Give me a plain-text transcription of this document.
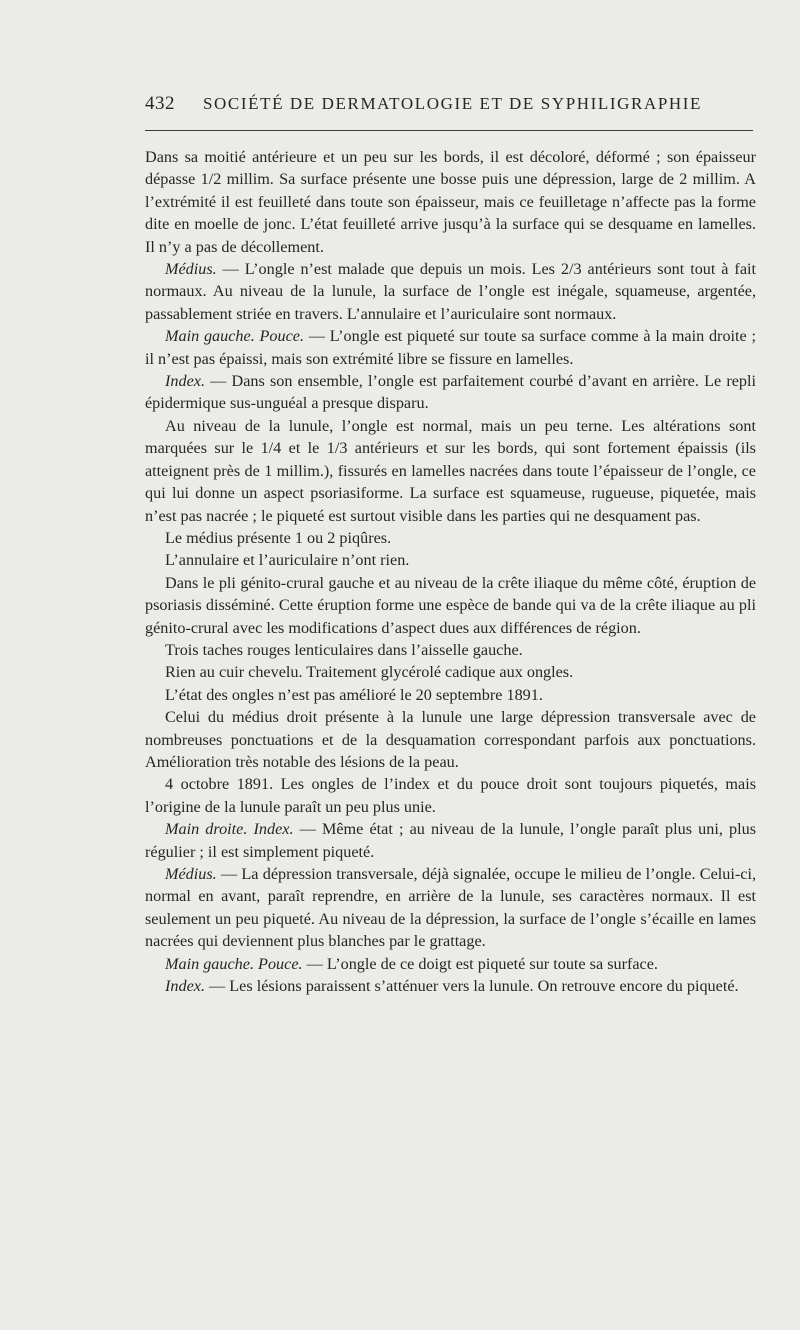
432 SOCIÉTÉ DE DERMATOLOGIE ET DE SYPHILIGRAPHIE

Dans sa moitié antérieure et un peu sur les bords, il est décoloré, déformé ; son épaisseur dépasse 1/2 millim. Sa surface présente une bosse puis une dépression, large de 2 millim. A l’extrémité il est feuilleté dans toute son épaisseur, mais ce feuilletage n’affecte pas la forme dite en moelle de jonc. L’état feuilleté arrive jusqu’à la surface qui se desquame en lamelles. Il n’y a pas de décollement.

Médius. — L’ongle n’est malade que depuis un mois. Les 2/3 antérieurs sont tout à fait normaux. Au niveau de la lunule, la surface de l’ongle est inégale, squameuse, argentée, passablement striée en travers. L’annulaire et l’auriculaire sont normaux.

Main gauche. Pouce. — L’ongle est piqueté sur toute sa surface comme à la main droite ; il n’est pas épaissi, mais son extrémité libre se fissure en lamelles.

Index. — Dans son ensemble, l’ongle est parfaitement courbé d’avant en arrière. Le repli épidermique sus-unguéal a presque disparu.

Au niveau de la lunule, l’ongle est normal, mais un peu terne. Les altérations sont marquées sur le 1/4 et le 1/3 antérieurs et sur les bords, qui sont fortement épaissis (ils atteignent près de 1 millim.), fissurés en lamelles nacrées dans toute l’épaisseur de l’ongle, ce qui lui donne un aspect psoriasiforme. La surface est squameuse, rugueuse, piquetée, mais n’est pas nacrée ; le piqueté est surtout visible dans les parties qui ne desquament pas.

Le médius présente 1 ou 2 piqûres.

L’annulaire et l’auriculaire n’ont rien.

Dans le pli génito-crural gauche et au niveau de la crête iliaque du même côté, éruption de psoriasis disséminé. Cette éruption forme une espèce de bande qui va de la crête iliaque au pli génito-crural avec les modifications d’aspect dues aux différences de région.

Trois taches rouges lenticulaires dans l’aisselle gauche.

Rien au cuir chevelu. Traitement glycérolé cadique aux ongles.

L’état des ongles n’est pas amélioré le 20 septembre 1891.

Celui du médius droit présente à la lunule une large dépression transversale avec de nombreuses ponctuations et de la desquamation correspondant parfois aux ponctuations. Amélioration très notable des lésions de la peau.

4 octobre 1891. Les ongles de l’index et du pouce droit sont toujours piquetés, mais l’origine de la lunule paraît un peu plus unie.

Main droite. Index. — Même état ; au niveau de la lunule, l’ongle paraît plus uni, plus régulier ; il est simplement piqueté.

Médius. — La dépression transversale, déjà signalée, occupe le milieu de l’ongle. Celui-ci, normal en avant, paraît reprendre, en arrière de la lunule, ses caractères normaux. Il est seulement un peu piqueté. Au niveau de la dépression, la surface de l’ongle s’écaille en lames nacrées qui deviennent plus blanches par le grattage.

Main gauche. Pouce. — L’ongle de ce doigt est piqueté sur toute sa surface.

Index. — Les lésions paraissent s’atténuer vers la lunule. On retrouve encore du piqueté.
